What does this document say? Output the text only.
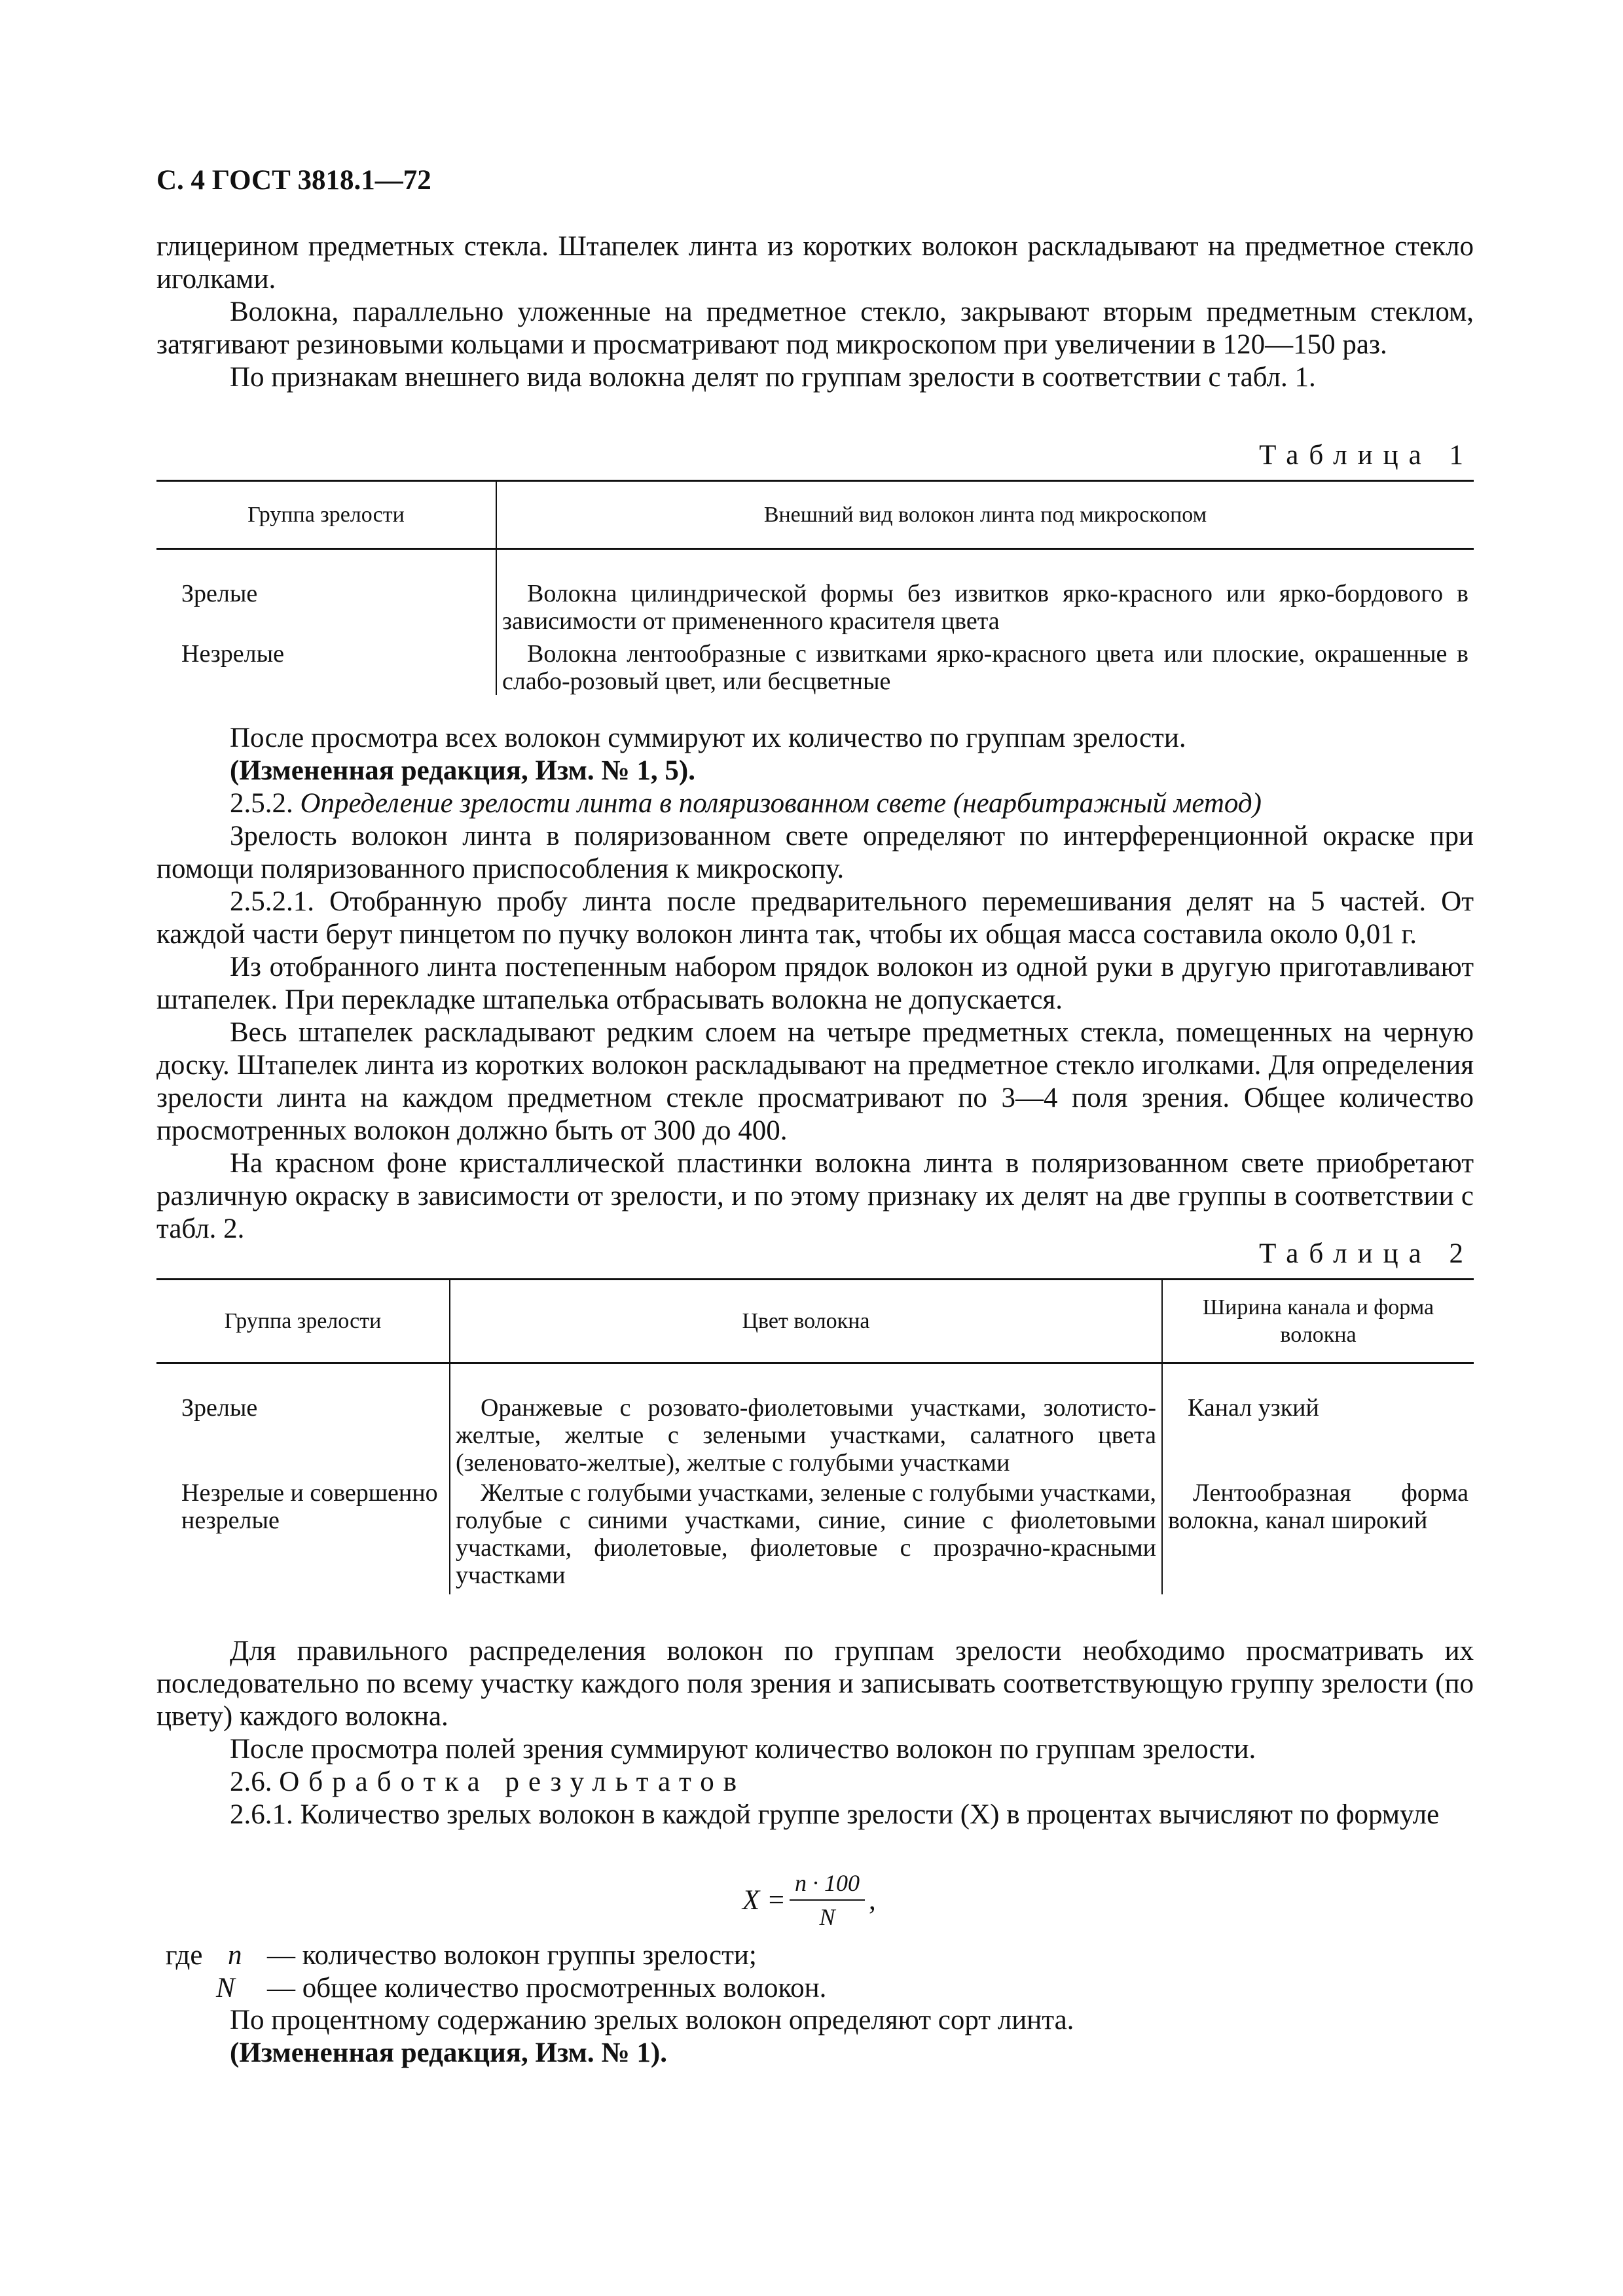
С. 4 ГОСТ 3818.1—72

глицерином предметных стекла. Штапелек линта из коротких волокон раскладывают на предметное стекло иголками.

Волокна, параллельно уложенные на предметное стекло, закрывают вторым предметным стеклом, затягивают резиновыми кольцами и просматривают под микроскопом при увеличении в 120—150 раз.

По признакам внешнего вида волокна делят по группам зрелости в соответствии с табл. 1.

Таблица 1
Группа зрелости	Внешний вид волокон линта под микроскопом
Зрелые	Волокна цилиндрической формы без извитков ярко-красного или ярко-бордового в зависимости от примененного красителя цвета

Незрелые	Волокна лентообразные с извитками ярко-красного цвета или плоские, окрашенные в слабо-розовый цвет, или бесцветные

После просмотра всех волокон суммируют их количество по группам зрелости.

(Измененная редакция, Изм. № 1, 5).

2.5.2. Определение зрелости линта в поляризованном свете (неарбитражный метод)

Зрелость волокон линта в поляризованном свете определяют по интерференционной окраске при помощи поляризованного приспособления к микроскопу.

2.5.2.1. Отобранную пробу линта после предварительного перемешивания делят на 5 частей. От каждой части берут пинцетом по пучку волокон линта так, чтобы их общая масса составила около 0,01 г.

Из отобранного линта постепенным набором прядок волокон из одной руки в другую приготавливают штапелек. При перекладке штапелька отбрасывать волокна не допускается.

Весь штапелек раскладывают редким слоем на четыре предметных стекла, помещенных на черную доску. Штапелек линта из коротких волокон раскладывают на предметное стекло иголками. Для определения зрелости линта на каждом предметном стекле просматривают по 3—4 поля зрения. Общее количество просмотренных волокон должно быть от 300 до 400.

На красном фоне кристаллической пластинки волокна линта в поляризованном свете приобретают различную окраску в зависимости от зрелости, и по этому признаку их делят на две группы в соответствии с табл. 2.

Таблица 2
Группа зрелости	Цвет волокна	Ширина канала и форма волокна
Зрелые	Оранжевые с розовато-фиолетовыми участками, золотисто-желтые, желтые с зелеными участками, салатного цвета (зеленовато-желтые), желтые с голубыми участками	Канал узкий
Незрелые и совершенно незрелые	Желтые с голубыми участками, зеленые с голубыми участками, голубые с синими участками, синие, синие с фиолетовыми участками, фиолетовые, фиолетовые с прозрачно-красными участками	Лентообразная форма волокна, канал широкий

Для правильного распределения волокон по группам зрелости необходимо просматривать их последовательно по всему участку каждого поля зрения и записывать соответствующую группу зрелости (по цвету) каждого волокна.

После просмотра полей зрения суммируют количество волокон по группам зрелости.

2.6. Обработка результатов

2.6.1. Количество зрелых волокон в каждой группе зрелости (X) в процентах вычисляют по формуле

$X = \frac{n \cdot 100}{N}$ ,
где n — количество волокон группы зрелости;
N	— общее количество просмотренных волокон.

По процентному содержанию зрелых волокон определяют сорт линта.

(Измененная редакция, Изм. № 1).
